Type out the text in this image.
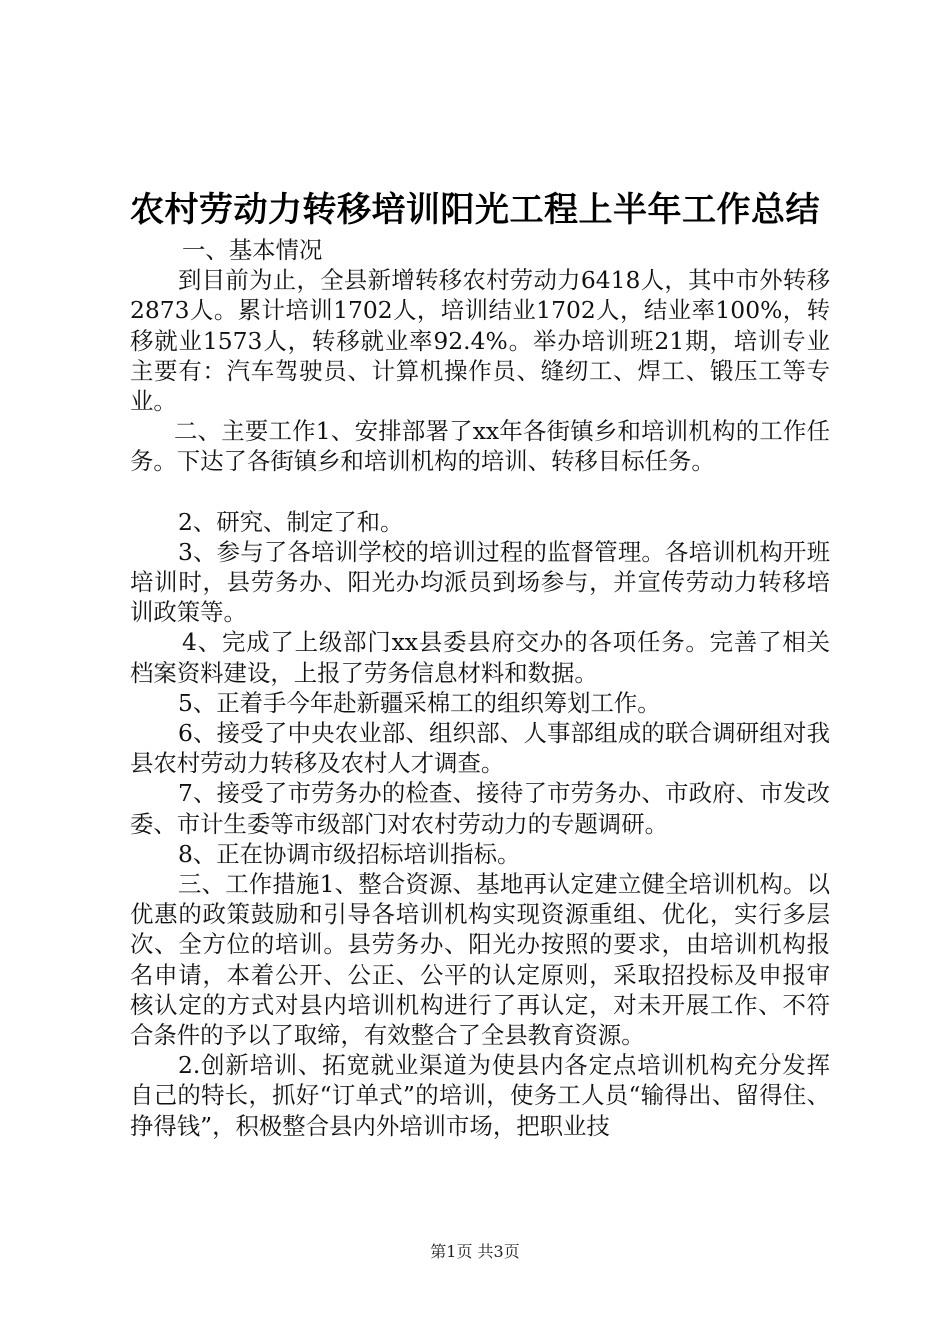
农村劳动力转移培训阳光工程上半年工作总结

一、基本情况

到目前为止，全县新增转移农村劳动力6418人，其中市外转移2873人。累计培训1702人，培训结业1702人，结业率100%，转移就业1573人，转移就业率92.4%。举办培训班21期，培训专业主要有：汽车驾驶员、计算机操作员、缝纫工、焊工、锻压工等专业。

二、主要工作1、安排部署了xx年各街镇乡和培训机构的工作任务。下达了各街镇乡和培训机构的培训、转移目标任务。

2、研究、制定了和。

3、参与了各培训学校的培训过程的监督管理。各培训机构开班培训时，县劳务办、阳光办均派员到场参与，并宣传劳动力转移培训政策等。

4、完成了上级部门xx县委县府交办的各项任务。完善了相关档案资料建设，上报了劳务信息材料和数据。

5、正着手今年赴新疆采棉工的组织筹划工作。

6、接受了中央农业部、组织部、人事部组成的联合调研组对我县农村劳动力转移及农村人才调查。

7、接受了市劳务办的检查、接待了市劳务办、市政府、市发改委、市计生委等市级部门对农村劳动力的专题调研。

8、正在协调市级招标培训指标。

三、工作措施1、整合资源、基地再认定建立健全培训机构。以优惠的政策鼓励和引导各培训机构实现资源重组、优化，实行多层次、全方位的培训。县劳务办、阳光办按照的要求，由培训机构报名申请，本着公开、公正、公平的认定原则，采取招投标及申报审核认定的方式对县内培训机构进行了再认定，对未开展工作、不符合条件的予以了取缔，有效整合了全县教育资源。

2.创新培训、拓宽就业渠道为使县内各定点培训机构充分发挥自己的特长，抓好“订单式”的培训，使务工人员“输得出、留得住、挣得钱”，积极整合县内外培训市场，把职业技

第1页 共3页
